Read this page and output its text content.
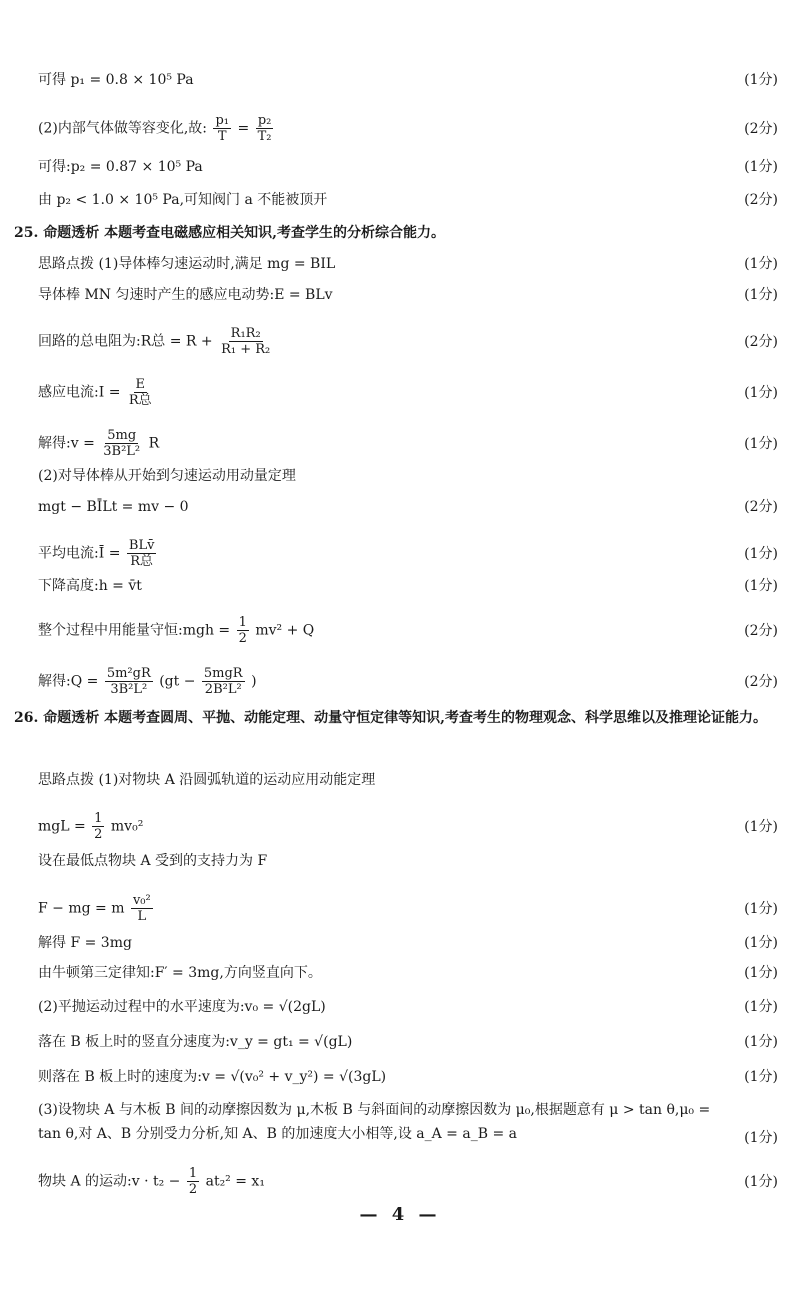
可得 p₁ = 0.8 × 10⁵ Pa	(1分)
(2)内部气体做等容变化,故: $\frac{\text{p₁}}{T} = \frac{\text{p₂}}{\text{T₂}}$	(2分)
可得:p₂ = 0.87 × 10⁵ Pa	(1分)
由 p₂ < 1.0 × 10⁵ Pa,可知阀门 a 不能被顶开	(2分)
25. 命题透析 本题考查电磁感应相关知识,考查学生的分析综合能力。
思路点拨 (1)导体棒匀速运动时,满足 mg = BIL	(1分)
导体棒 MN 匀速时产生的感应电动势:E = BLv	(1分)
回路的总电阻为:R总 = $R + \frac{\text{R₁R₂}}{\text{R₁ + R₂}}$	(2分)
感应电流:I = $\frac{E}{\text{R总}}$	(1分)
解得:v = $\frac{5mg}{\text{3B²L²}}$ R	(1分)
(2)对导体棒从开始到匀速运动用动量定理
mgt − BĪLt = mv − 0	(2分)
平均电流:Ī = $\frac{\text{BLv̄}}{\text{R总}}$	(1分)
下降高度:h = v̄t	(1分)
整个过程中用能量守恒:mgh = $\frac{1}{2} mv^2 + Q$	(2分)
解得:Q = $\frac{\text{5m²gR}}{\text{3B²L²}} (gt - \frac{\text{5mgR}}{\text{2B²L²}}$ )	(2分)
26. 命题透析 本题考查圆周、平抛、动能定理、动量守恒定律等知识,考查考生的物理观念、科学思维以及推理论证能力。
思路点拨 (1)对物块 A 沿圆弧轨道的运动应用动能定理
mgL = $\frac{1}{2} mv_0^2$	(1分)
设在最低点物块 A 受到的支持力为 F
F − mg = m $\frac{\text{v₀²}}{L}$	(1分)
解得 F = 3mg	(1分)
由牛顿第三定律知:F′ = 3mg,方向竖直向下。	(1分)
(2)平抛运动过程中的水平速度为:v₀ = √(2gL)	(1分)
落在 B 板上时的竖直分速度为:v_y = gt₁ = √(gL)	(1分)
则落在 B 板上时的速度为:v = √(v₀² + v_y²) = √(3gL)	(1分)
(3)设物块 A 与木板 B 间的动摩擦因数为 μ,木板 B 与斜面间的动摩擦因数为 μ₀,根据题意有 μ > tan θ,μ₀ = tan θ,对 A、B 分别受力分析,知 A、B 的加速度大小相等,设 a_A = a_B = a	(1分)
物块 A 的运动:v · $t_2 - \frac{1}{2} at_2^2 = x_1$	(1分)
— 4 —
